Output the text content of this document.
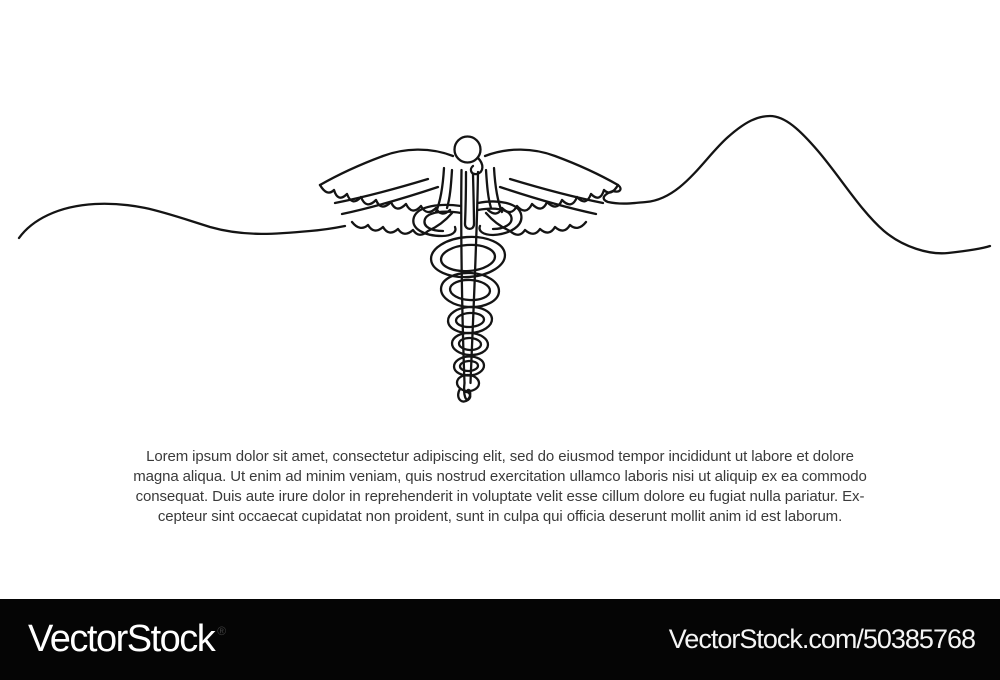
Lorem ipsum dolor sit amet, consectetur adipiscing elit, sed do eiusmod tempor incididunt ut labore et dolore
magna aliqua. Ut enim ad minim veniam, quis nostrud exercitation ullamco laboris nisi ut aliquip ex ea commodo
consequat. Duis aute irure dolor in reprehenderit in voluptate velit esse cillum dolore eu fugiat nulla pariatur. Ex-
cepteur sint occaecat cupidatat non proident, sunt in culpa qui officia deserunt mollit anim id est laborum.
VectorStock ®	VectorStock.com/50385768
